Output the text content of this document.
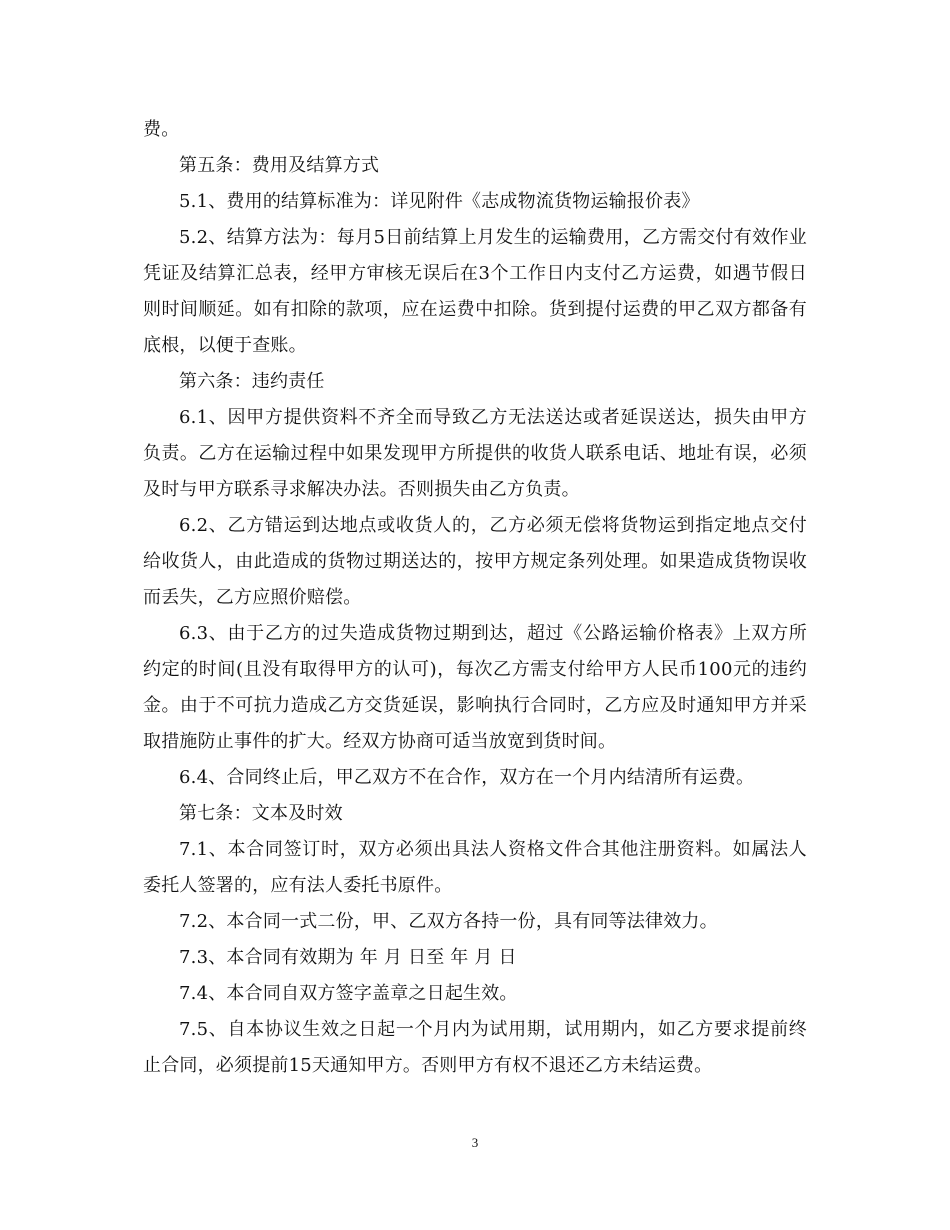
费。

第五条：费用及结算方式

5.1、费用的结算标准为：详见附件《志成物流货物运输报价表》

5.2、结算方法为：每月5日前结算上月发生的运输费用，乙方需交付有效作业凭证及结算汇总表，经甲方审核无误后在3个工作日内支付乙方运费，如遇节假日则时间顺延。如有扣除的款项，应在运费中扣除。货到提付运费的甲乙双方都备有底根，以便于查账。

第六条：违约责任

6.1、因甲方提供资料不齐全而导致乙方无法送达或者延误送达，损失由甲方负责。乙方在运输过程中如果发现甲方所提供的收货人联系电话、地址有误，必须及时与甲方联系寻求解决办法。否则损失由乙方负责。

6.2、乙方错运到达地点或收货人的，乙方必须无偿将货物运到指定地点交付给收货人，由此造成的货物过期送达的，按甲方规定条列处理。如果造成货物误收而丢失，乙方应照价赔偿。

6.3、由于乙方的过失造成货物过期到达，超过《公路运输价格表》上双方所约定的时间(且没有取得甲方的认可)，每次乙方需支付给甲方人民币100元的违约金。由于不可抗力造成乙方交货延误，影响执行合同时，乙方应及时通知甲方并采取措施防止事件的扩大。经双方协商可适当放宽到货时间。

6.4、合同终止后，甲乙双方不在合作，双方在一个月内结清所有运费。

第七条：文本及时效

7.1、本合同签订时，双方必须出具法人资格文件合其他注册资料。如属法人委托人签署的，应有法人委托书原件。

7.2、本合同一式二份，甲、乙双方各持一份，具有同等法律效力。

7.3、本合同有效期为 年 月 日至 年 月 日

7.4、本合同自双方签字盖章之日起生效。

7.5、自本协议生效之日起一个月内为试用期，试用期内，如乙方要求提前终止合同，必须提前15天通知甲方。否则甲方有权不退还乙方未结运费。

3
